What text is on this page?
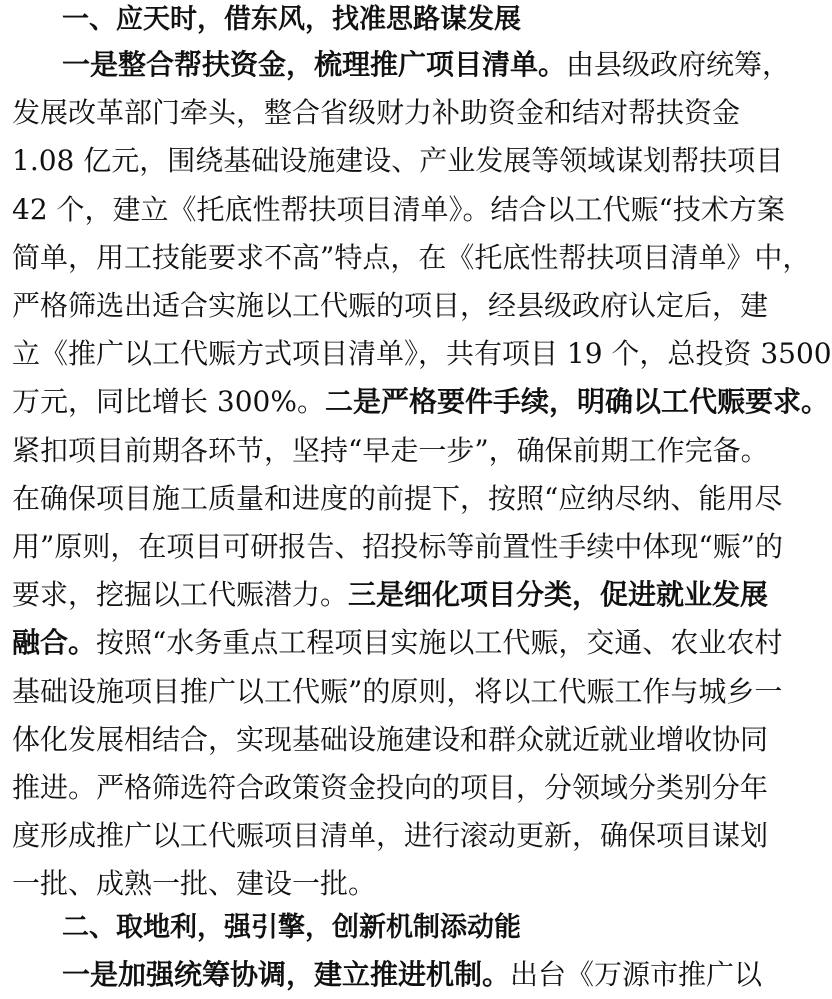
一、应天时，借东风，找准思路谋发展
一是整合帮扶资金，梳理推广项目清单。由县级政府统筹，
发展改革部门牵头，整合省级财力补助资金和结对帮扶资金
1.08 亿元，围绕基础设施建设、产业发展等领域谋划帮扶项目
42 个，建立《托底性帮扶项目清单》。结合以工代赈“技术方案
简单，用工技能要求不高”特点，在《托底性帮扶项目清单》中，
严格筛选出适合实施以工代赈的项目，经县级政府认定后，建
立《推广以工代赈方式项目清单》，共有项目 19 个，总投资 3500
万元，同比增长 300%。二是严格要件手续，明确以工代赈要求。
紧扣项目前期各环节，坚持“早走一步”，确保前期工作完备。
在确保项目施工质量和进度的前提下，按照“应纳尽纳、能用尽
用”原则，在项目可研报告、招投标等前置性手续中体现“赈”的
要求，挖掘以工代赈潜力。三是细化项目分类，促进就业发展
融合。按照“水务重点工程项目实施以工代赈，交通、农业农村
基础设施项目推广以工代赈”的原则，将以工代赈工作与城乡一
体化发展相结合，实现基础设施建设和群众就近就业增收协同
推进。严格筛选符合政策资金投向的项目，分领域分类别分年
度形成推广以工代赈项目清单，进行滚动更新，确保项目谋划
一批、成熟一批、建设一批。
二、取地利，强引擎，创新机制添动能
一是加强统筹协调，建立推进机制。出台《万源市推广以
